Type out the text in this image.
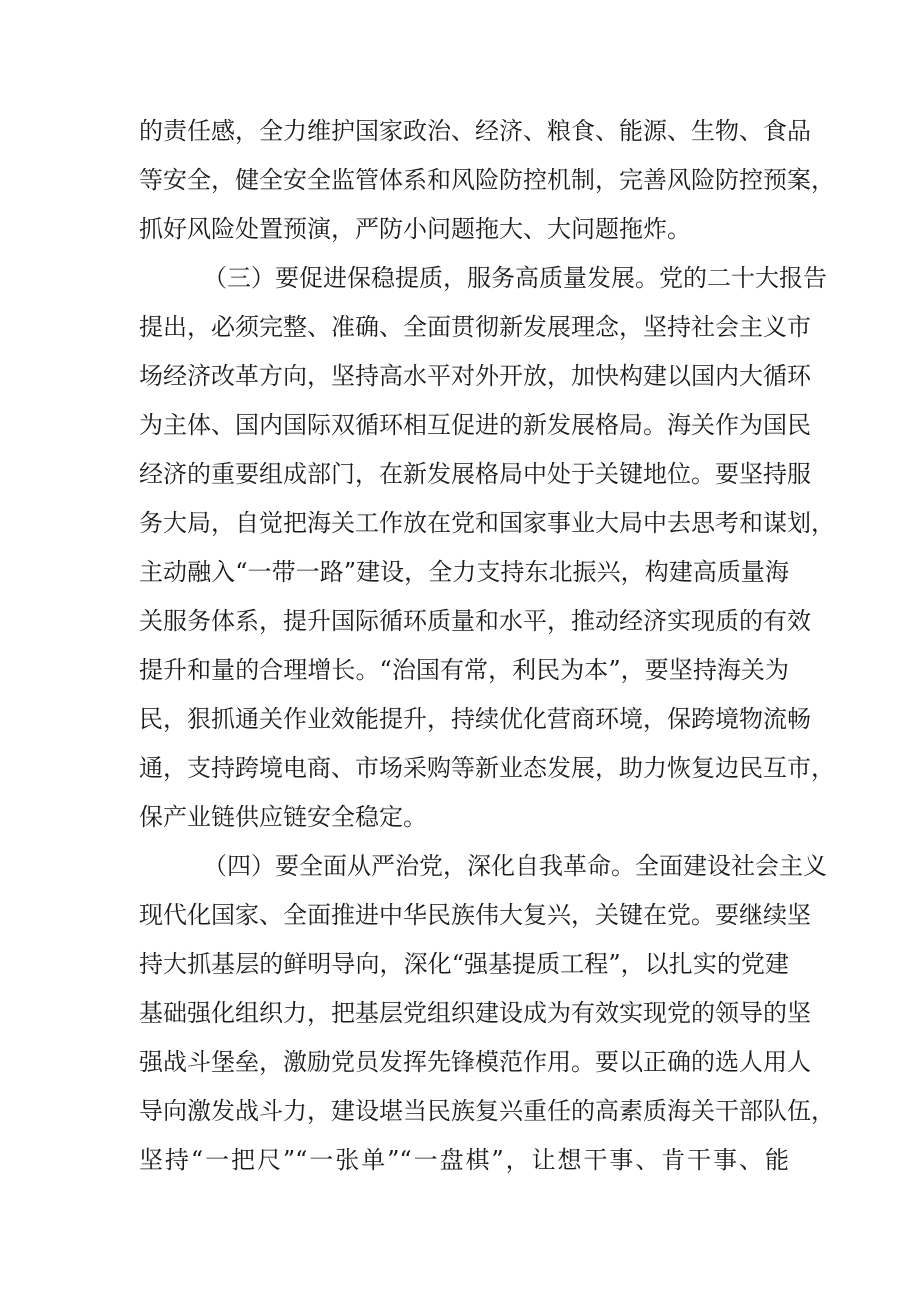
的责任感，全力维护国家政治、经济、粮食、能源、生物、食品
等安全，健全安全监管体系和风险防控机制，完善风险防控预案，
抓好风险处置预演，严防小问题拖大、大问题拖炸。
（三）要促进保稳提质，服务高质量发展。党的二十大报告
提出，必须完整、准确、全面贯彻新发展理念，坚持社会主义市
场经济改革方向，坚持高水平对外开放，加快构建以国内大循环
为主体、国内国际双循环相互促进的新发展格局。海关作为国民
经济的重要组成部门，在新发展格局中处于关键地位。要坚持服
务大局，自觉把海关工作放在党和国家事业大局中去思考和谋划，
主动融入“一带一路”建设，全力支持东北振兴，构建高质量海
关服务体系，提升国际循环质量和水平，推动经济实现质的有效
提升和量的合理增长。“治国有常，利民为本”，要坚持海关为
民，狠抓通关作业效能提升，持续优化营商环境，保跨境物流畅
通，支持跨境电商、市场采购等新业态发展，助力恢复边民互市，
保产业链供应链安全稳定。
（四）要全面从严治党，深化自我革命。全面建设社会主义
现代化国家、全面推进中华民族伟大复兴，关键在党。要继续坚
持大抓基层的鲜明导向，深化“强基提质工程”，以扎实的党建
基础强化组织力，把基层党组织建设成为有效实现党的领导的坚
强战斗堡垒，激励党员发挥先锋模范作用。要以正确的选人用人
导向激发战斗力，建设堪当民族复兴重任的高素质海关干部队伍，
坚持“一把尺”“一张单”“一盘棋”，让想干事、肯干事、能
